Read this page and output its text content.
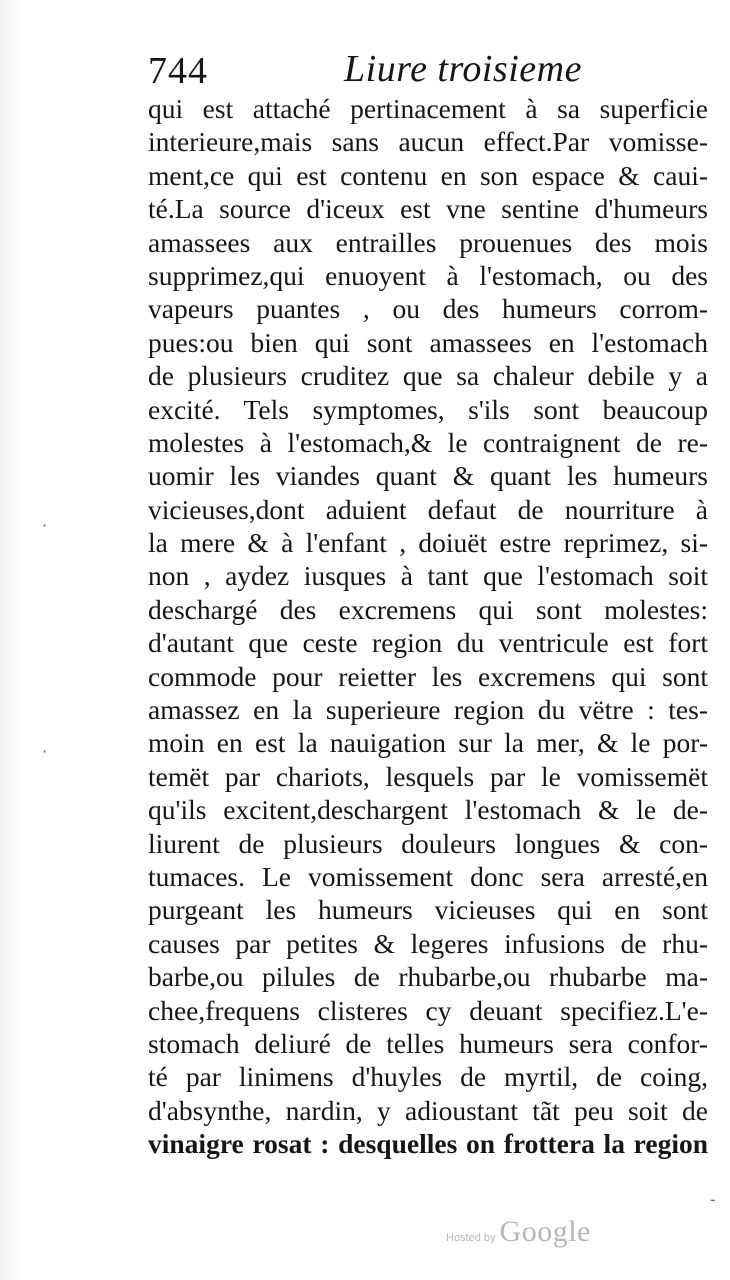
744	Liure troisieme
qui est attaché pertinacement à sa superficie
interieure,mais sans aucun effect.Par vomisse-
ment,ce qui est contenu en son espace & caui-
té.La source d'iceux est vne sentine d'humeurs
amassees aux entrailles prouenues des mois
supprimez,qui enuoyent à l'estomach, ou des
vapeurs puantes , ou des humeurs corrom-
pues:ou bien qui sont amassees en l'estomach
de plusieurs cruditez que sa chaleur debile y a
excité. Tels symptomes, s'ils sont beaucoup
molestes à l'estomach,& le contraignent de re-
uomir les viandes quant & quant les humeurs
vicieuses,dont aduient defaut de nourriture à
la mere & à l'enfant , doiuët estre reprimez, si-
non , aydez iusques à tant que l'estomach soit
deschargé des excremens qui sont molestes:
d'autant que ceste region du ventricule est fort
commode pour reietter les excremens qui sont
amassez en la superieure region du vëtre : tes-
moin en est la nauigation sur la mer, & le por-
temët par chariots, lesquels par le vomissemët
qu'ils excitent,deschargent l'estomach & le de-
liurent de plusieurs douleurs longues & con-
tumaces. Le vomissement donc sera arresté,en
purgeant les humeurs vicieuses qui en sont
causes par petites & legeres infusions de rhu-
barbe,ou pilules de rhubarbe,ou rhubarbe ma-
chee,frequens clisteres cy deuant specifiez.L'e-
stomach deliuré de telles humeurs sera confor-
té par linimens d'huyles de myrtil, de coing,
d'absynthe, nardin, y adioustant tãt peu soit de
vinaigre rosat : desquelles on frottera la region
·
·
-
Hosted by Google
